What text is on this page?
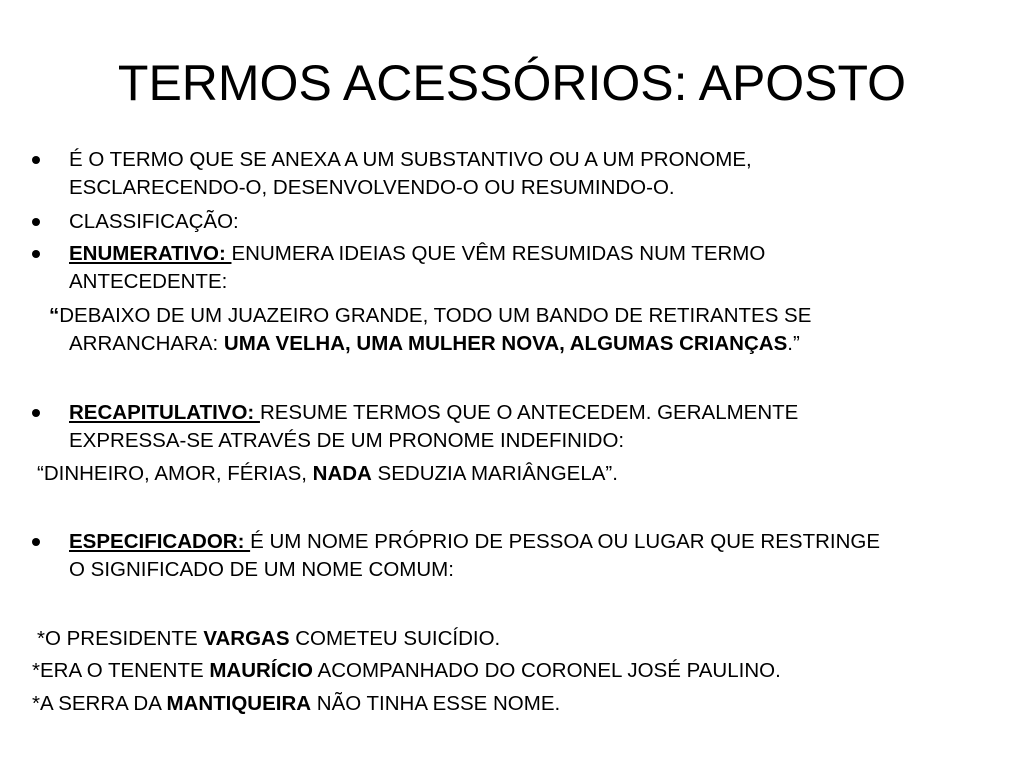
TERMOS ACESSÓRIOS: APOSTO
É O TERMO QUE SE ANEXA A UM SUBSTANTIVO OU A UM PRONOME,
ESCLARECENDO-O, DESENVOLVENDO-O OU RESUMINDO-O.
CLASSIFICAÇÃO:
ENUMERATIVO: ENUMERA IDEIAS QUE VÊM RESUMIDAS NUM TERMO
ANTECEDENTE:
“DEBAIXO DE UM JUAZEIRO GRANDE, TODO UM BANDO DE RETIRANTES SE
ARRANCHARA: UMA VELHA, UMA MULHER NOVA, ALGUMAS CRIANÇAS.”
RECAPITULATIVO: RESUME TERMOS QUE O ANTECEDEM. GERALMENTE
EXPRESSA-SE ATRAVÉS DE UM PRONOME INDEFINIDO:
“DINHEIRO, AMOR, FÉRIAS, NADA SEDUZIA MARIÂNGELA”.
ESPECIFICADOR: É UM NOME PRÓPRIO DE PESSOA OU LUGAR QUE RESTRINGE
O SIGNIFICADO DE UM NOME COMUM:
*O PRESIDENTE VARGAS COMETEU SUICÍDIO.
*ERA O TENENTE MAURÍCIO ACOMPANHADO DO CORONEL JOSÉ PAULINO.
*A SERRA DA MANTIQUEIRA NÃO TINHA ESSE NOME.
